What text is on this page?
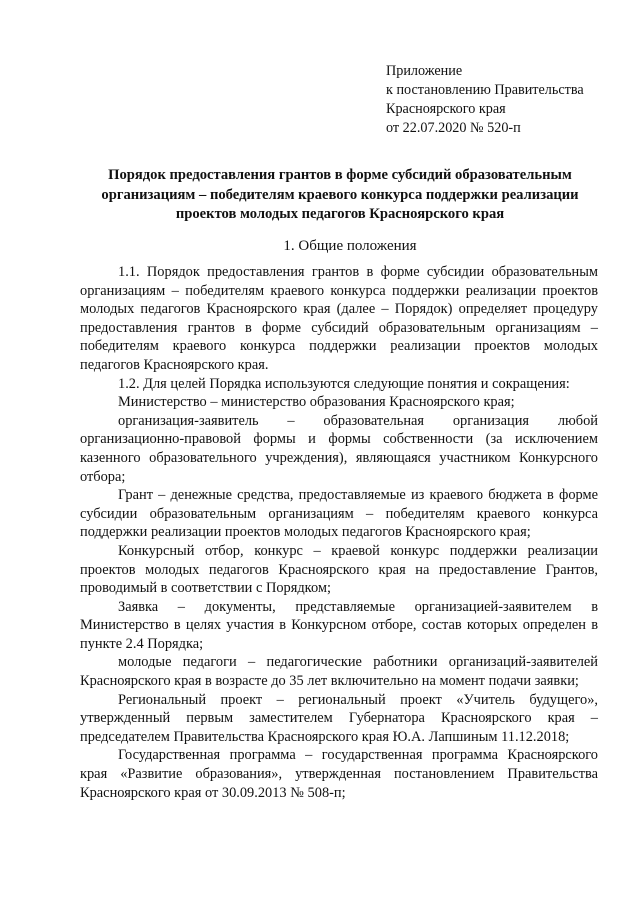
Приложение
к постановлению Правительства
Красноярского края
от 22.07.2020 № 520-п
Порядок предоставления грантов в форме субсидий образовательным организациям – победителям краевого конкурса поддержки реализации проектов молодых педагогов Красноярского края
1. Общие положения

1.1. Порядок предоставления грантов в форме субсидии образовательным организациям – победителям краевого конкурса поддержки реализации проектов молодых педагогов Красноярского края (далее – Порядок) определяет процедуру предоставления грантов в форме субсидий образовательным организациям – победителям краевого конкурса поддержки реализации проектов молодых педагогов Красноярского края.

1.2. Для целей Порядка используются следующие понятия и сокращения:

Министерство – министерство образования Красноярского края;

организация-заявитель – образовательная организация любой организационно-правовой формы и формы собственности (за исключением казенного образовательного учреждения), являющаяся участником Конкурсного отбора;

Грант – денежные средства, предоставляемые из краевого бюджета в форме субсидии образовательным организациям – победителям краевого конкурса поддержки реализации проектов молодых педагогов Красноярского края;

Конкурсный отбор, конкурс – краевой конкурс поддержки реализации проектов молодых педагогов Красноярского края на предоставление Грантов, проводимый в соответствии с Порядком;

Заявка – документы, представляемые организацией-заявителем в Министерство в целях участия в Конкурсном отборе, состав которых определен в пункте 2.4 Порядка;

молодые педагоги – педагогические работники организаций-заявителей Красноярского края в возрасте до 35 лет включительно на момент подачи заявки;

Региональный проект – региональный проект «Учитель будущего», утвержденный первым заместителем Губернатора Красноярского края – председателем Правительства Красноярского края Ю.А. Лапшиным 11.12.2018;

Государственная программа – государственная программа Красноярского края «Развитие образования», утвержденная постановлением Правительства Красноярского края от 30.09.2013 № 508-п;
